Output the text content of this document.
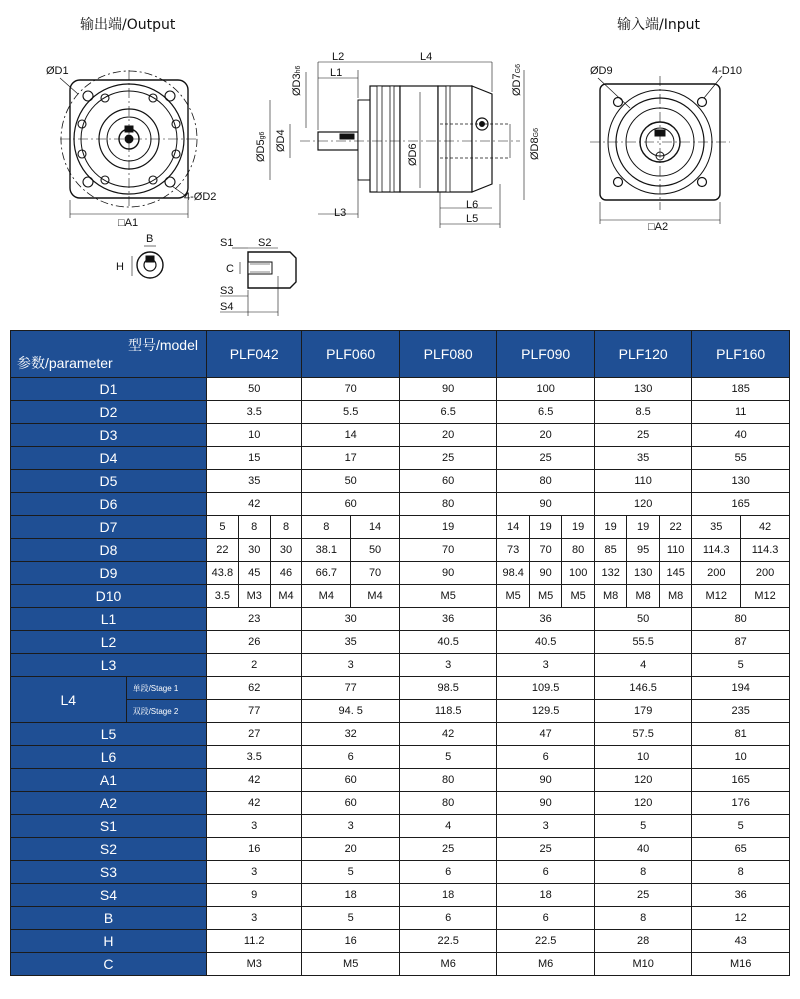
输出端/Output	输入端/Input
ØD1
4-ØD2
□A1
L2
L1
L4
L3
L6
L5
ØD3h6
ØD5g6 ØD4
ØD6
ØD7G6
ØD8G6
ØD9	4-D10
□A2
B
H
S1 S2
C
S3
S4
型号/model
参数/parameter		PLF042			PLF060		PLF080	PLF090			PLF120			PLF160	
D1		50			70		90	100			130			185	
D2		3.5			5.5		6.5	6.5			8.5			11	
D3		10			14		20	20			25			40	
D4		15			17		25	25			35			55	
D5		35			50		60	80			110			130	
D6		42			60		80	90			120			165	
D7		5	8	8	8	14	19	14	19	19	19	19	22	35	42
D8		22	30	30	38.1	50	70	73	70	80	85	95	110	114.3	114.3
D9		43.8	45	46	66.7	70	90	98.4	90	100	132	130	145	200	200
D10		3.5	M3	M4	M4	M4	M5	M5	M5	M5	M8	M8	M8	M12	M12
L1		23			30		36	36			50			80	
L2		26			35		40.5	40.5			55.5			87	
L3		2			3		3	3			4			5	
L4	单段/Stage 1	62			77		98.5	109.5			146.5			194	
	双段/Stage 2	77			94. 5		118.5	129.5			179			235	
L5		27			32		42	47			57.5			81	
L6		3.5			6		5	6			10			10	
A1		42			60		80	90			120			165	
A2		42			60		80	90			120			176	
S1		3			3		4	3			5			5	
S2		16			20		25	25			40			65	
S3		3			5		6	6			8			8	
S4		9			18		18	18			25			36	
B		3			5		6	6			8			12	
H		11.2			16		22.5	22.5			28			43	
C		M3			M5		M6	M6			M10			M16	
